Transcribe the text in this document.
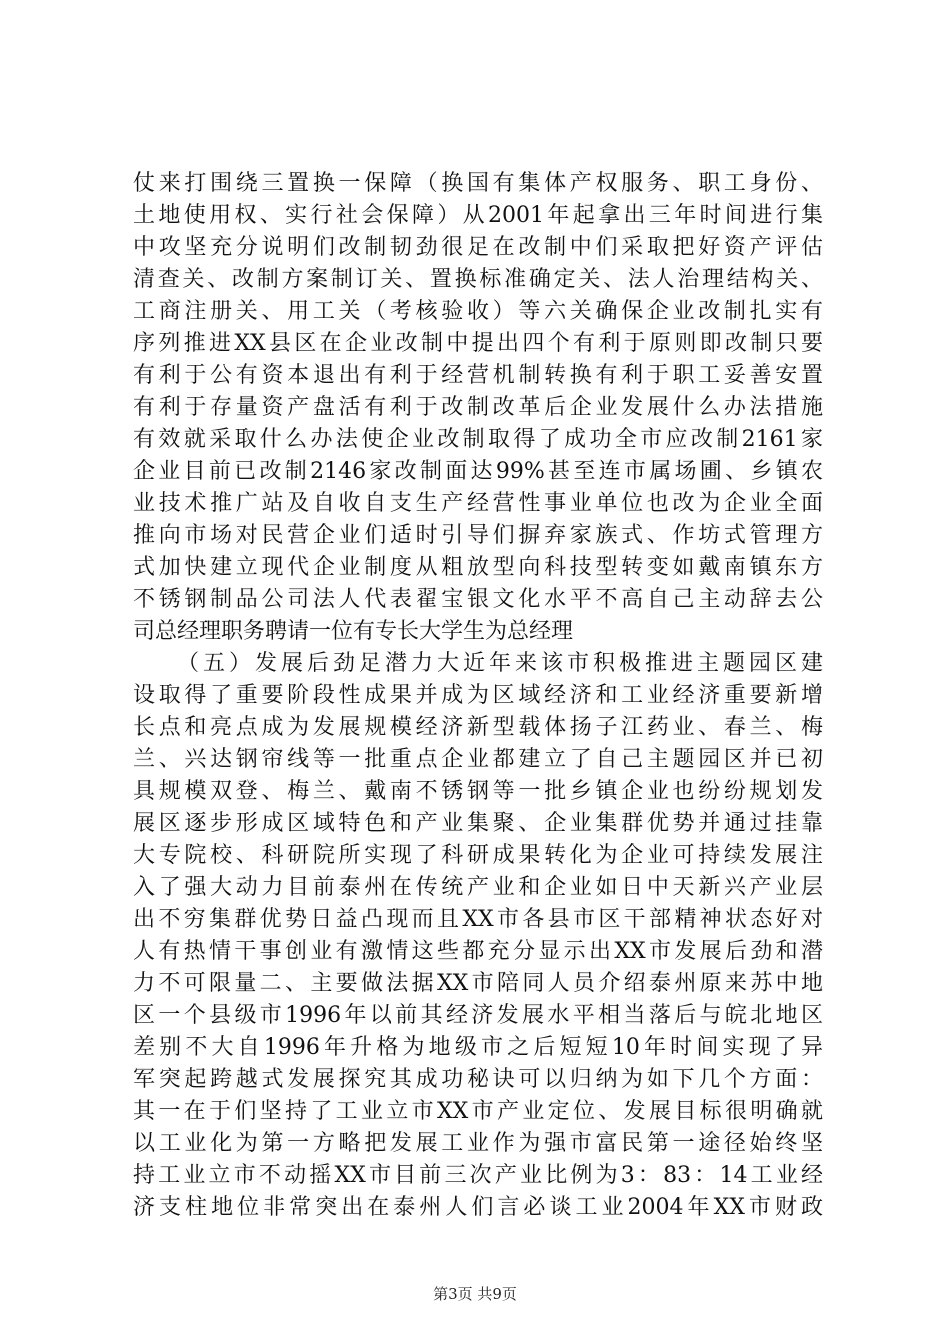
仗来打围绕三置换一保障（换国有集体产权服务、职工身份、
土地使用权、实行社会保障）从2001年起拿出三年时间进行集
中攻坚充分说明们改制韧劲很足在改制中们采取把好资产评估
清查关、改制方案制订关、置换标准确定关、法人治理结构关、
工商注册关、用工关（考核验收）等六关确保企业改制扎实有
序列推进XX县区在企业改制中提出四个有利于原则即改制只要
有利于公有资本退出有利于经营机制转换有利于职工妥善安置
有利于存量资产盘活有利于改制改革后企业发展什么办法措施
有效就采取什么办法使企业改制取得了成功全市应改制2161家
企业目前已改制2146家改制面达99%甚至连市属场圃、乡镇农
业技术推广站及自收自支生产经营性事业单位也改为企业全面
推向市场对民营企业们适时引导们摒弃家族式、作坊式管理方
式加快建立现代企业制度从粗放型向科技型转变如戴南镇东方
不锈钢制品公司法人代表翟宝银文化水平不高自己主动辞去公
司总经理职务聘请一位有专长大学生为总经理
（五）发展后劲足潜力大近年来该市积极推进主题园区建
设取得了重要阶段性成果并成为区域经济和工业经济重要新增
长点和亮点成为发展规模经济新型载体扬子江药业、春兰、梅
兰、兴达钢帘线等一批重点企业都建立了自己主题园区并已初
具规模双登、梅兰、戴南不锈钢等一批乡镇企业也纷纷规划发
展区逐步形成区域特色和产业集聚、企业集群优势并通过挂靠
大专院校、科研院所实现了科研成果转化为企业可持续发展注
入了强大动力目前泰州在传统产业和企业如日中天新兴产业层
出不穷集群优势日益凸现而且XX市各县市区干部精神状态好对
人有热情干事创业有激情这些都充分显示出XX市发展后劲和潜
力不可限量二、主要做法据XX市陪同人员介绍泰州原来苏中地
区一个县级市1996年以前其经济发展水平相当落后与皖北地区
差别不大自1996年升格为地级市之后短短10年时间实现了异
军突起跨越式发展探究其成功秘诀可以归纳为如下几个方面：
其一在于们坚持了工业立市XX市产业定位、发展目标很明确就
以工业化为第一方略把发展工业作为强市富民第一途径始终坚
持工业立市不动摇XX市目前三次产业比例为3：83：14工业经
济支柱地位非常突出在泰州人们言必谈工业2004年XX市财政
第3页 共9页
